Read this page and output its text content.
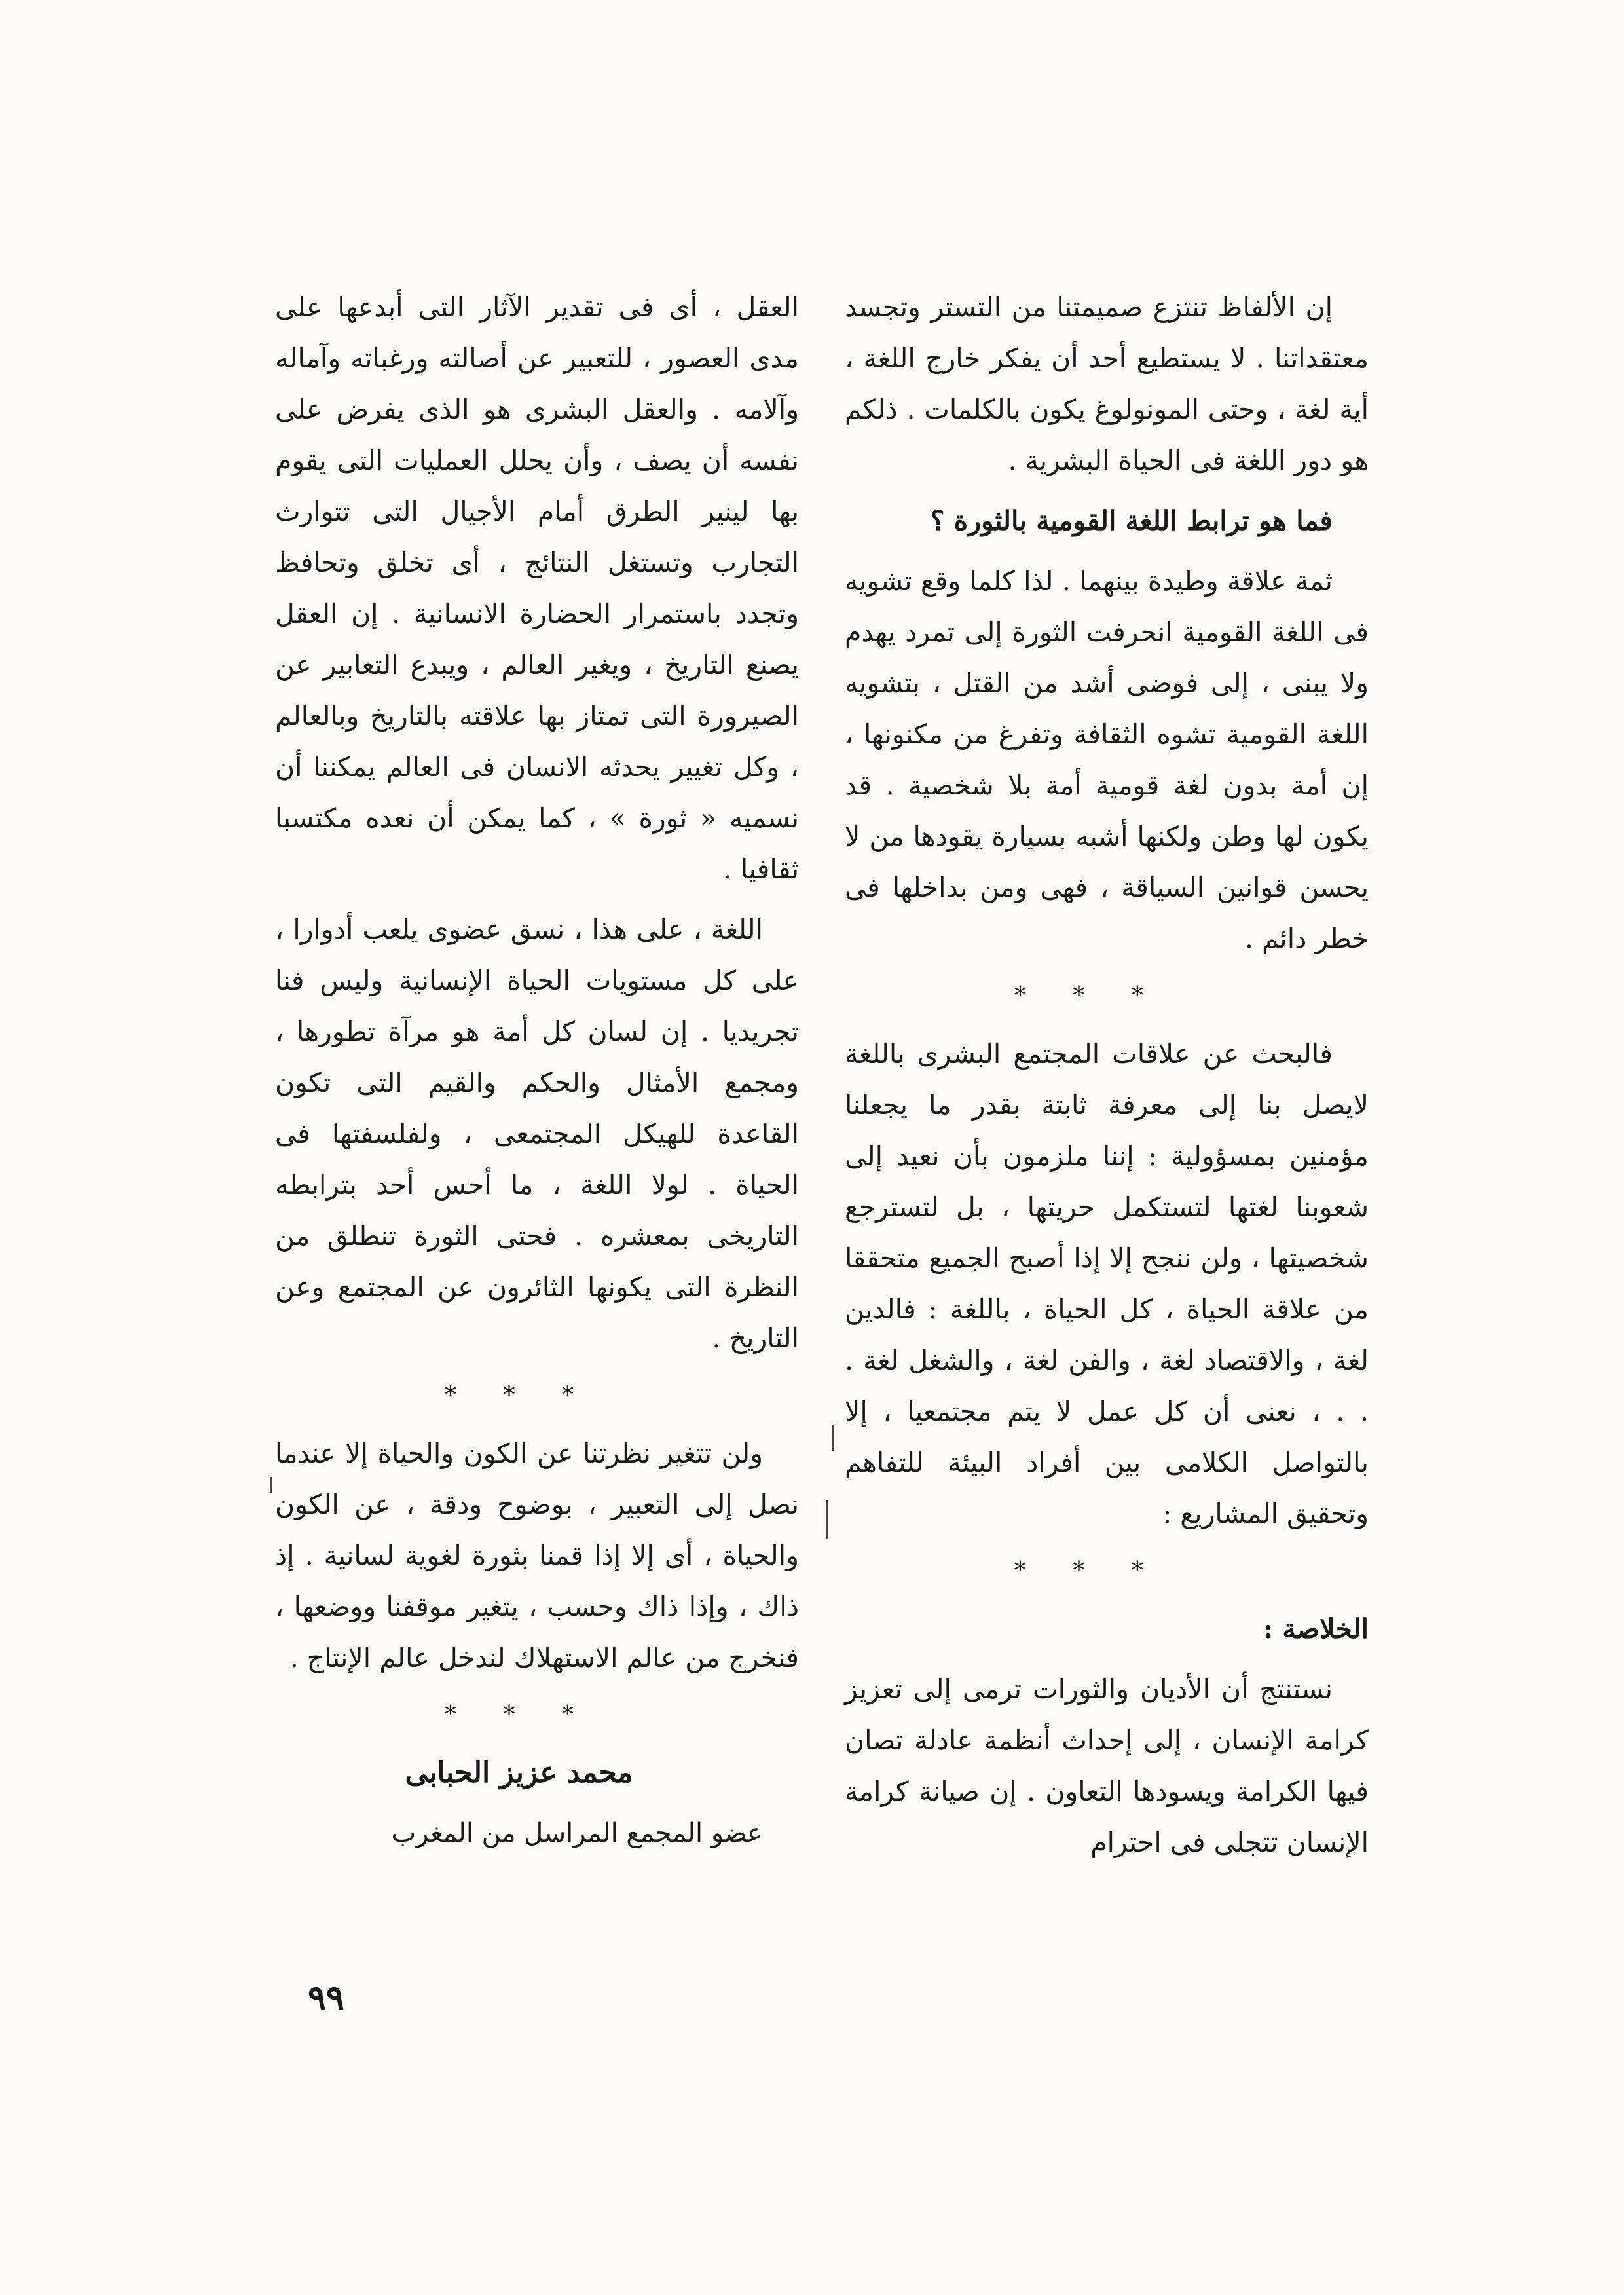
إن الألفاظ تنتزع صميمتنا من التستر وتجسد معتقداتنا . لا يستطيع أحد أن يفكر خارج اللغة ، أية لغة ، وحتى المونولوغ يكون بالكلمات . ذلكم هو دور اللغة فى الحياة البشرية .

فما هو ترابط اللغة القومية بالثورة ؟

ثمة علاقة وطيدة بينهما . لذا كلما وقع تشويه فى اللغة القومية انحرفت الثورة إلى تمرد يهدم ولا يبنى ، إلى فوضى أشد من القتل ، بتشويه اللغة القومية تشوه الثقافة وتفرغ من مكنونها ، إن أمة بدون لغة قومية أمة بلا شخصية . قد يكون لها وطن ولكنها أشبه بسيارة يقودها من لا يحسن قوانين السياقة ، فهى ومن بداخلها فى خطر دائم .

* * *

فالبحث عن علاقات المجتمع البشرى باللغة لايصل بنا إلى معرفة ثابتة بقدر ما يجعلنا مؤمنين بمسؤولية : إننا ملزمون بأن نعيد إلى شعوبنا لغتها لتستكمل حريتها ، بل لتسترجع شخصيتها ، ولن ننجح إلا إذا أصبح الجميع متحققا من علاقة الحياة ، كل الحياة ، باللغة : فالدين لغة ، والاقتصاد لغة ، والفن لغة ، والشغل لغة . . . ، نعنى أن كل عمل لا يتم مجتمعيا ، إلا بالتواصل الكلامى بين أفراد البيئة للتفاهم وتحقيق المشاريع :

* * *

الخلاصة :

نستنتج أن الأديان والثورات ترمى إلى تعزيز كرامة الإنسان ، إلى إحداث أنظمة عادلة تصان فيها الكرامة ويسودها التعاون . إن صيانة كرامة الإنسان تتجلى فى احترام

العقل ، أى فى تقدير الآثار التى أبدعها على مدى العصور ، للتعبير عن أصالته ورغباته وآماله وآلامه . والعقل البشرى هو الذى يفرض على نفسه أن يصف ، وأن يحلل العمليات التى يقوم بها لينير الطرق أمام الأجيال التى تتوارث التجارب وتستغل النتائج ، أى تخلق وتحافظ وتجدد باستمرار الحضارة الانسانية . إن العقل يصنع التاريخ ، ويغير العالم ، ويبدع التعابير عن الصيرورة التى تمتاز بها علاقته بالتاريخ وبالعالم ، وكل تغيير يحدثه الانسان فى العالم يمكننا أن نسميه « ثورة » ، كما يمكن أن نعده مكتسبا ثقافيا .

اللغة ، على هذا ، نسق عضوى يلعب أدوارا ، على كل مستويات الحياة الإنسانية وليس فنا تجريديا . إن لسان كل أمة هو مرآة تطورها ، ومجمع الأمثال والحكم والقيم التى تكون القاعدة للهيكل المجتمعى ، ولفلسفتها فى الحياة . لولا اللغة ، ما أحس أحد بترابطه التاريخى بمعشره . فحتى الثورة تنطلق من النظرة التى يكونها الثائرون عن المجتمع وعن التاريخ .

* * *

ولن تتغير نظرتنا عن الكون والحياة إلا عندما نصل إلى التعبير ، بوضوح ودقة ، عن الكون والحياة ، أى إلا إذا قمنا بثورة لغوية لسانية . إذ ذاك ، وإذا ذاك وحسب ، يتغير موقفنا ووضعها ، فنخرج من عالم الاستهلاك لندخل عالم الإنتاج .

* * *

محمد عزيز الحبابى

عضو المجمع المراسل من المغرب

٩٩
